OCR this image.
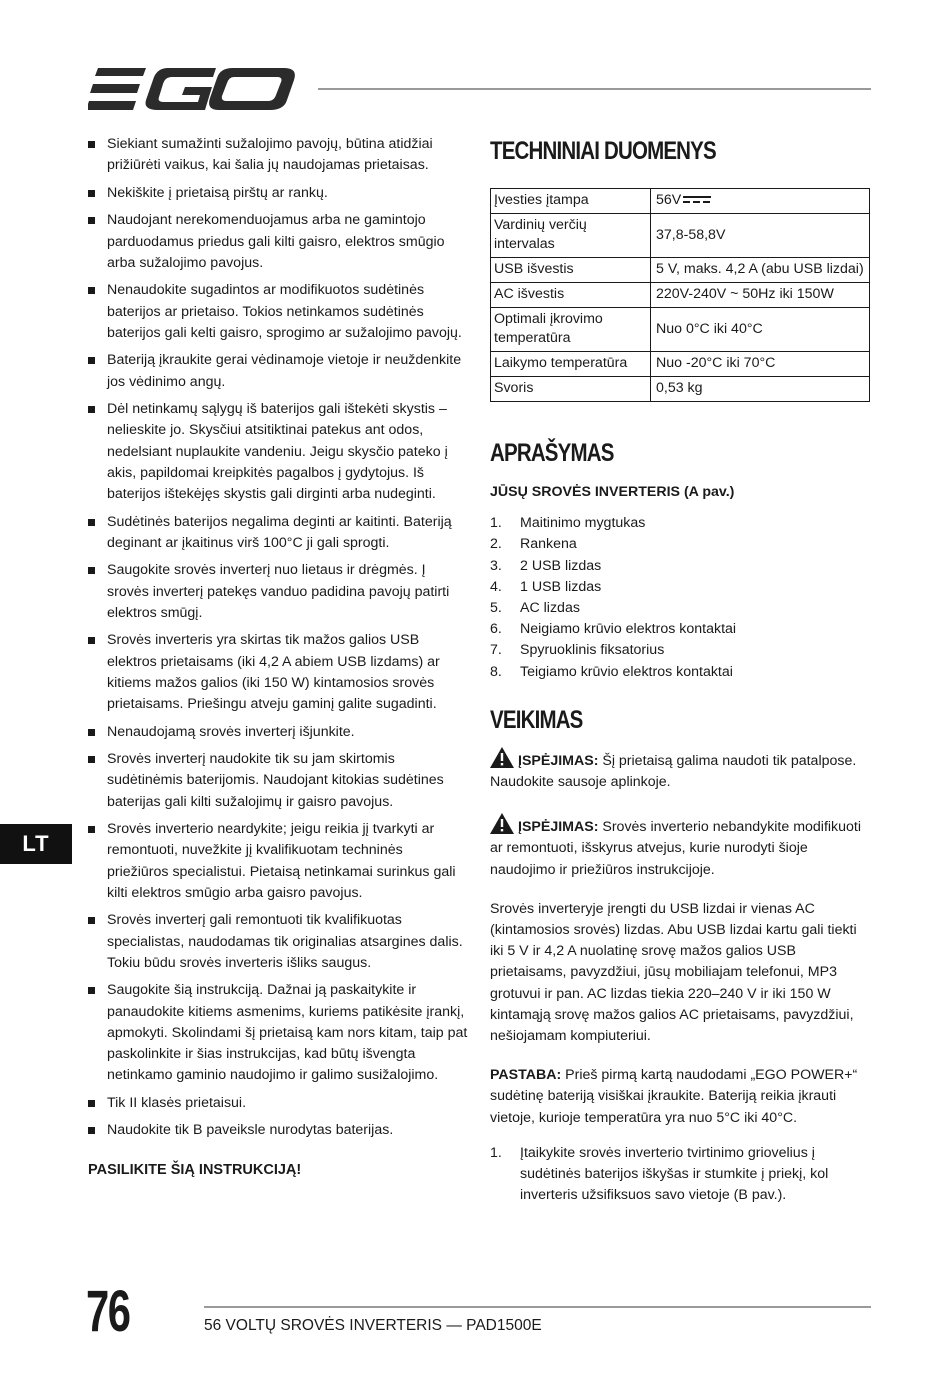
LT
Siekiant sumažinti sužalojimo pavojų, būtina atidžiai prižiūrėti vaikus, kai šalia jų naudojamas prietaisas.
Nekiškite į prietaisą pirštų ar rankų.
Naudojant nerekomenduojamus arba ne gamintojo parduodamus priedus gali kilti gaisro, elektros smūgio arba sužalojimo pavojus.
Nenaudokite sugadintos ar modifikuotos sudėtinės baterijos ar prietaiso. Tokios netinkamos sudėtinės baterijos gali kelti gaisro, sprogimo ar sužalojimo pavojų.
Bateriją įkraukite gerai vėdinamoje vietoje ir neuždenkite jos vėdinimo angų.
Dėl netinkamų sąlygų iš baterijos gali ištekėti skystis – nelieskite jo. Skysčiui atsitiktinai patekus ant odos, nedelsiant nuplaukite vandeniu. Jeigu skysčio pateko į akis, papildomai kreipkitės pagalbos į gydytojus. Iš baterijos ištekėjęs skystis gali dirginti arba nudeginti.
Sudėtinės baterijos negalima deginti ar kaitinti. Bateriją deginant ar įkaitinus virš 100°C ji gali sprogti.
Saugokite srovės inverterį nuo lietaus ir drėgmės. Į srovės inverterį patekęs vanduo padidina pavojų patirti elektros smūgį.
Srovės inverteris yra skirtas tik mažos galios USB elektros prietaisams (iki 4,2 A abiem USB lizdams) ar kitiems mažos galios (iki 150 W) kintamosios srovės prietaisams. Priešingu atveju gaminį galite sugadinti.
Nenaudojamą srovės inverterį išjunkite.
Srovės inverterį naudokite tik su jam skirtomis sudėtinėmis baterijomis. Naudojant kitokias sudėtines baterijas gali kilti sužalojimų ir gaisro pavojus.
Srovės inverterio neardykite; jeigu reikia jį tvarkyti ar remontuoti, nuvežkite jį kvalifikuotam techninės priežiūros specialistui. Pietaisą netinkamai surinkus gali kilti elektros smūgio arba gaisro pavojus.
Srovės inverterį gali remontuoti tik kvalifikuotas specialistas, naudodamas tik originalias atsargines dalis. Tokiu būdu srovės inverteris išliks saugus.
Saugokite šią instrukciją. Dažnai ją paskaitykite ir panaudokite kitiems asmenims, kuriems patikėsite įrankį, apmokyti. Skolindami šį prietaisą kam nors kitam, taip pat paskolinkite ir šias instrukcijas, kad būtų išvengta netinkamo gaminio naudojimo ir galimo susižalojimo.
Tik II klasės prietaisui.
Naudokite tik B paveiksle nurodytas baterijas.
PASILIKITE ŠIĄ INSTRUKCIJĄ!
TECHNINIAI DUOMENYS
Įvesties įtampa	56V
Vardinių verčių intervalas	37,8-58,8V
USB išvestis	5 V, maks. 4,2 A (abu USB lizdai)
AC išvestis	220V-240V ~ 50Hz iki 150W
Optimali įkrovimo temperatūra	Nuo 0°C iki 40°C
Laikymo temperatūra	Nuo -20°C iki 70°C
Svoris	0,53 kg
APRAŠYMAS
JŪSŲ SROVĖS INVERTERIS (A pav.)
1.	Maitinimo mygtukas
2.	Rankena
3.	2 USB lizdas
4.	1 USB lizdas
5.	AC lizdas
6.	Neigiamo krūvio elektros kontaktai
7.	Spyruoklinis fiksatorius
8.	Teigiamo krūvio elektros kontaktai
VEIKIMAS
ĮSPĖJIMAS: Šį prietaisą galima naudoti tik patalpose. Naudokite sausoje aplinkoje.
ĮSPĖJIMAS: Srovės inverterio nebandykite modifikuoti ar remontuoti, išskyrus atvejus, kurie nurodyti šioje naudojimo ir priežiūros instrukcijoje.
Srovės inverteryje įrengti du USB lizdai ir vienas AC (kintamosios srovės) lizdas. Abu USB lizdai kartu gali tiekti iki 5 V ir 4,2 A nuolatinę srovę mažos galios USB prietaisams, pavyzdžiui, jūsų mobiliajam telefonui, MP3 grotuvui ir pan. AC lizdas tiekia 220–240 V ir iki 150 W kintamąją srovę mažos galios AC prietaisams, pavyzdžiui, nešiojamam kompiuteriui.
PASTABA: Prieš pirmą kartą naudodami „EGO POWER+“ sudėtinę bateriją visiškai įkraukite. Bateriją reikia įkrauti vietoje, kurioje temperatūra yra nuo 5°C iki 40°C.
1.	Įtaikykite srovės inverterio tvirtinimo griovelius į sudėtinės baterijos iškyšas ir stumkite į priekį, kol inverteris užsifiksuos savo vietoje (B pav.).
76	56 VOLTŲ SROVĖS INVERTERIS — PAD1500E
